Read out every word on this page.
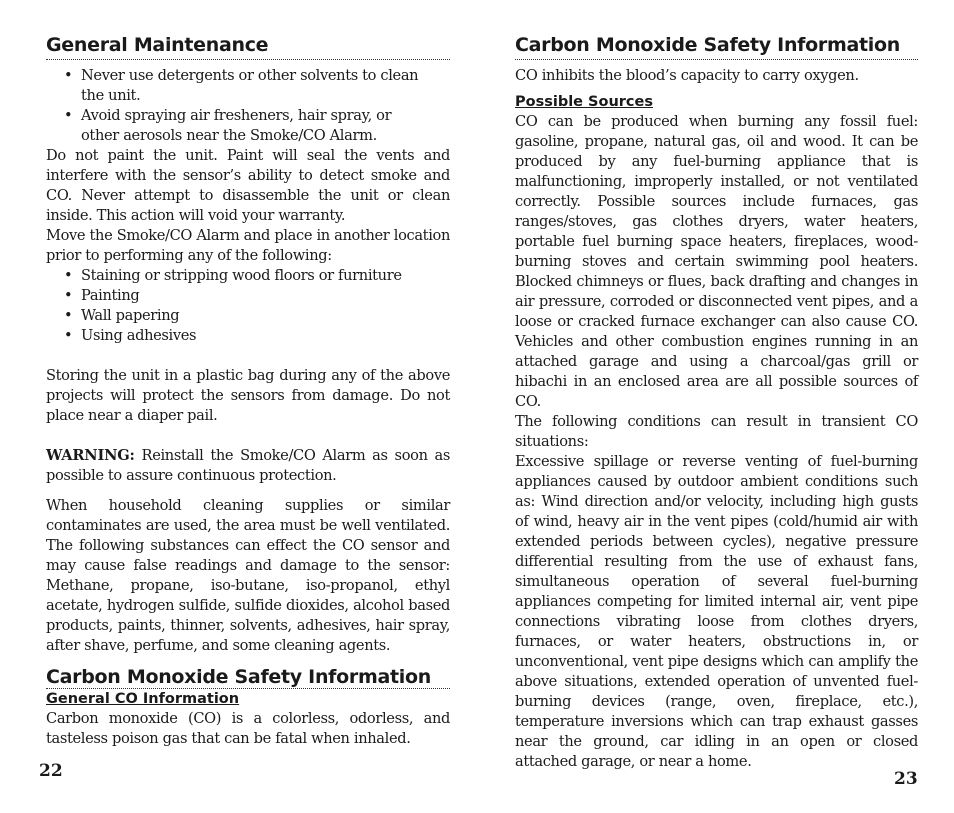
General Maintenance
• Never use detergents or other solvents to clean the unit.
• Avoid spraying air fresheners, hair spray, or other aerosols near the Smoke/CO Alarm.

Do not paint the unit. Paint will seal the vents and interfere with the sensor’s ability to detect smoke and CO. Never attempt to disassemble the unit or clean inside. This action will void your warranty.

Move the Smoke/CO Alarm and place in another location prior to performing any of the following:

• Staining or stripping wood floors or furniture
• Painting
• Wall papering
• Using adhesives

Storing the unit in a plastic bag during any of the above projects will protect the sensors from damage. Do not place near a diaper pail.

WARNING: Reinstall the Smoke/CO Alarm as soon as possible to assure continuous protection.

When household cleaning supplies or similar contaminates are used, the area must be well ventilated. The following substances can effect the CO sensor and may cause false readings and damage to the sensor: Methane, propane, iso-butane, iso-propanol, ethyl acetate, hydrogen sulfide, sulfide dioxides, alcohol based products, paints, thinner, solvents, adhesives, hair spray, after shave, perfume, and some cleaning agents.

Carbon Monoxide Safety Information
General CO Information

Carbon monoxide (CO) is a colorless, odorless, and tasteless poison gas that can be fatal when inhaled.

22
Carbon Monoxide Safety Information

CO inhibits the blood’s capacity to carry oxygen.

Possible Sources

CO can be produced when burning any fossil fuel: gasoline, propane, natural gas, oil and wood. It can be produced by any fuel-burning appliance that is malfunctioning, improperly installed, or not ventilated correctly. Possible sources include furnaces, gas ranges/stoves, gas clothes dryers, water heaters, portable fuel burning space heaters, fireplaces, wood-burning stoves and certain swimming pool heaters. Blocked chimneys or flues, back drafting and changes in air pressure, corroded or disconnected vent pipes, and a loose or cracked furnace exchanger can also cause CO. Vehicles and other combustion engines running in an attached garage and using a charcoal/gas grill or hibachi in an enclosed area are all possible sources of CO.

The following conditions can result in transient CO situations:

Excessive spillage or reverse venting of fuel-burning appliances caused by outdoor ambient conditions such as: Wind direction and/or velocity, including high gusts of wind, heavy air in the vent pipes (cold/humid air with extended periods between cycles), negative pressure differential resulting from the use of exhaust fans, simultaneous operation of several fuel-burning appliances competing for limited internal air, vent pipe connections vibrating loose from clothes dryers, furnaces, or water heaters, obstructions in, or unconventional, vent pipe designs which can amplify the above situations, extended operation of unvented fuel-burning devices (range, oven, fireplace, etc.), temperature inversions which can trap exhaust gasses near the ground, car idling in an open or closed attached garage, or near a home.

23
